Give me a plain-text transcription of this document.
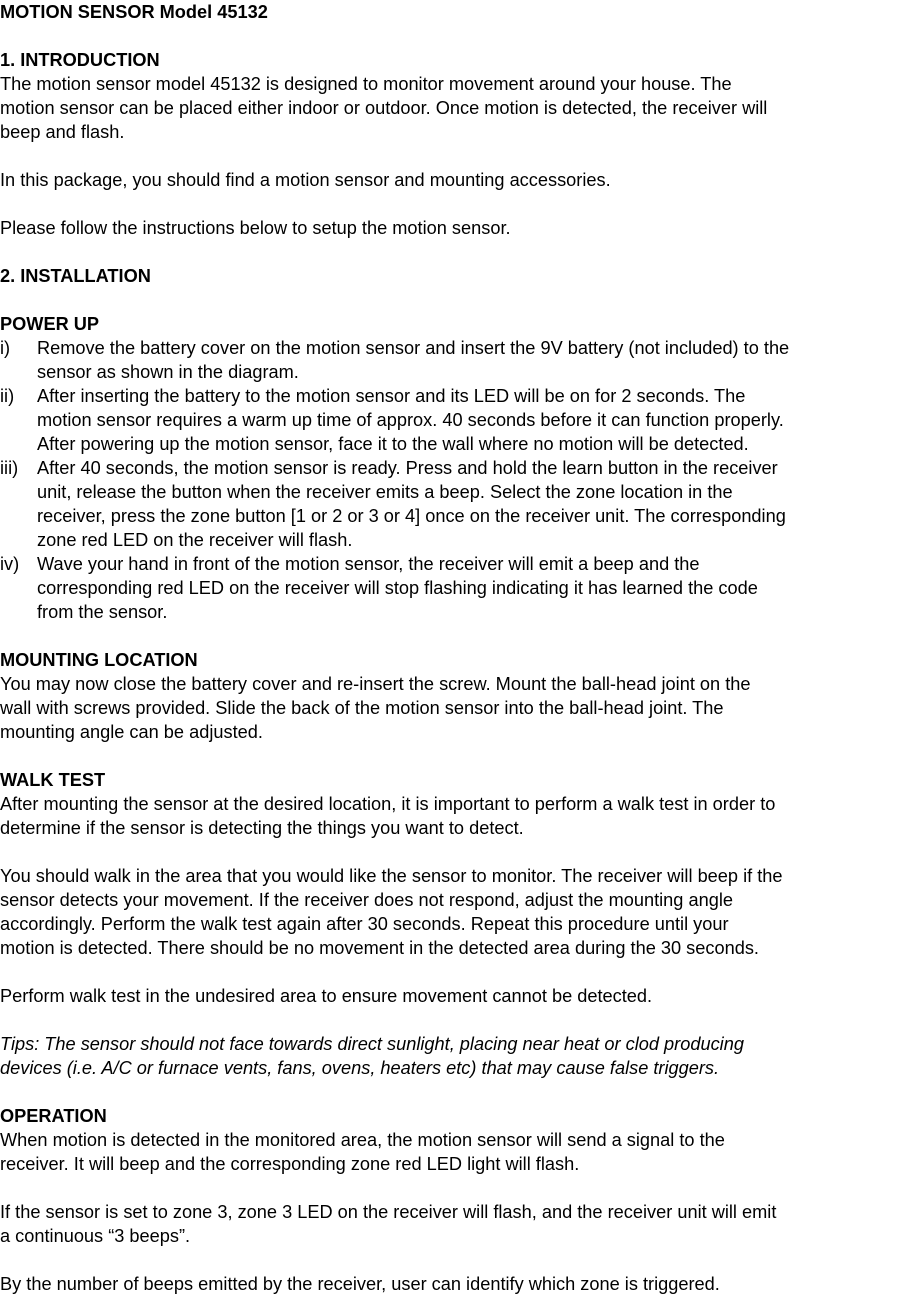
MOTION SENSOR Model 45132

1. INTRODUCTION

The motion sensor model 45132 is designed to monitor movement around your house. The

motion sensor can be placed either indoor or outdoor. Once motion is detected, the receiver will

beep and flash.

In this package, you should find a motion sensor and mounting accessories.

Please follow the instructions below to setup the motion sensor.

2. INSTALLATION

POWER UP

i) Remove the battery cover on the motion sensor and insert the 9V battery (not included) to the
sensor as shown in the diagram.
ii) After inserting the battery to the motion sensor and its LED will be on for 2 seconds. The
motion sensor requires a warm up time of approx. 40 seconds before it can function properly.
After powering up the motion sensor, face it to the wall where no motion will be detected.
iii) After 40 seconds, the motion sensor is ready. Press and hold the learn button in the receiver
unit, release the button when the receiver emits a beep. Select the zone location in the
receiver, press the zone button [1 or 2 or 3 or 4] once on the receiver unit. The corresponding
zone red LED on the receiver will flash.
iv) Wave your hand in front of the motion sensor, the receiver will emit a beep and the
corresponding red LED on the receiver will stop flashing indicating it has learned the code
from the sensor.

MOUNTING LOCATION

You may now close the battery cover and re-insert the screw. Mount the ball-head joint on the

wall with screws provided. Slide the back of the motion sensor into the ball-head joint. The

mounting angle can be adjusted.

WALK TEST

After mounting the sensor at the desired location, it is important to perform a walk test in order to

determine if the sensor is detecting the things you want to detect.

You should walk in the area that you would like the sensor to monitor. The receiver will beep if the

sensor detects your movement. If the receiver does not respond, adjust the mounting angle

accordingly. Perform the walk test again after 30 seconds. Repeat this procedure until your

motion is detected. There should be no movement in the detected area during the 30 seconds.

Perform walk test in the undesired area to ensure movement cannot be detected.

Tips: The sensor should not face towards direct sunlight, placing near heat or clod producing

devices (i.e. A/C or furnace vents, fans, ovens, heaters etc) that may cause false triggers.

OPERATION

When motion is detected in the monitored area, the motion sensor will send a signal to the

receiver. It will beep and the corresponding zone red LED light will flash.

If the sensor is set to zone 3, zone 3 LED on the receiver will flash, and the receiver unit will emit

a continuous “3 beeps”.

By the number of beeps emitted by the receiver, user can identify which zone is triggered.
